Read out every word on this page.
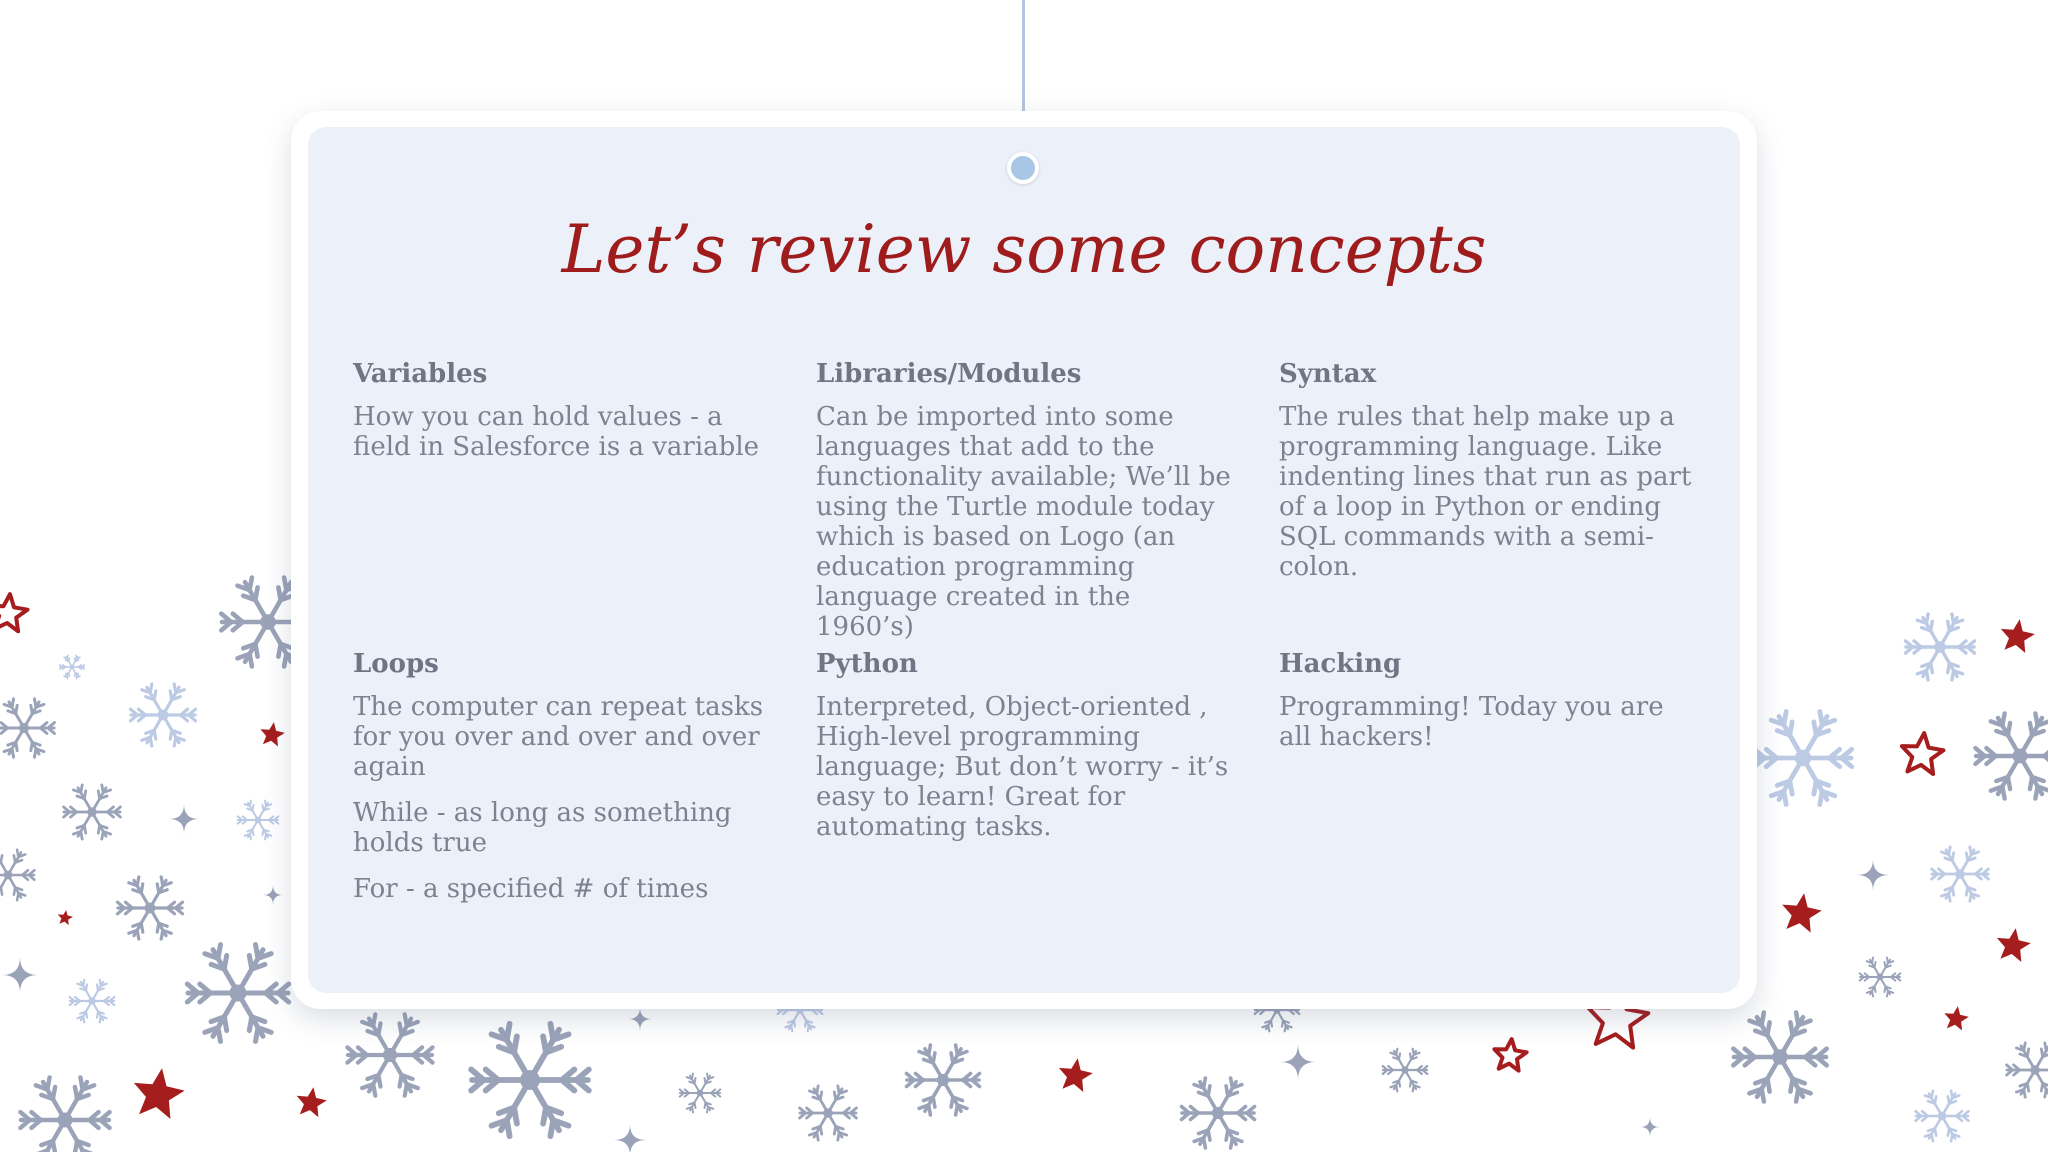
Let’s review some concepts
Variables

How you can hold values - a field in Salesforce is a variable

Libraries/Modules

Can be imported into some languages that add to the functionality available; We’ll be using the Turtle module today which is based on Logo (an education programming language created in the 1960’s)

Syntax

The rules that help make up a programming language. Like indenting lines that run as part of a loop in Python or ending SQL commands with a semi-colon.

Loops

The computer can repeat tasks for you over and over and over again

While - as long as something holds true

For - a specified # of times

Python

Interpreted, Object-oriented , High-level programming language; But don’t worry - it’s easy to learn! Great for automating tasks.

Hacking

Programming! Today you are all hackers!
